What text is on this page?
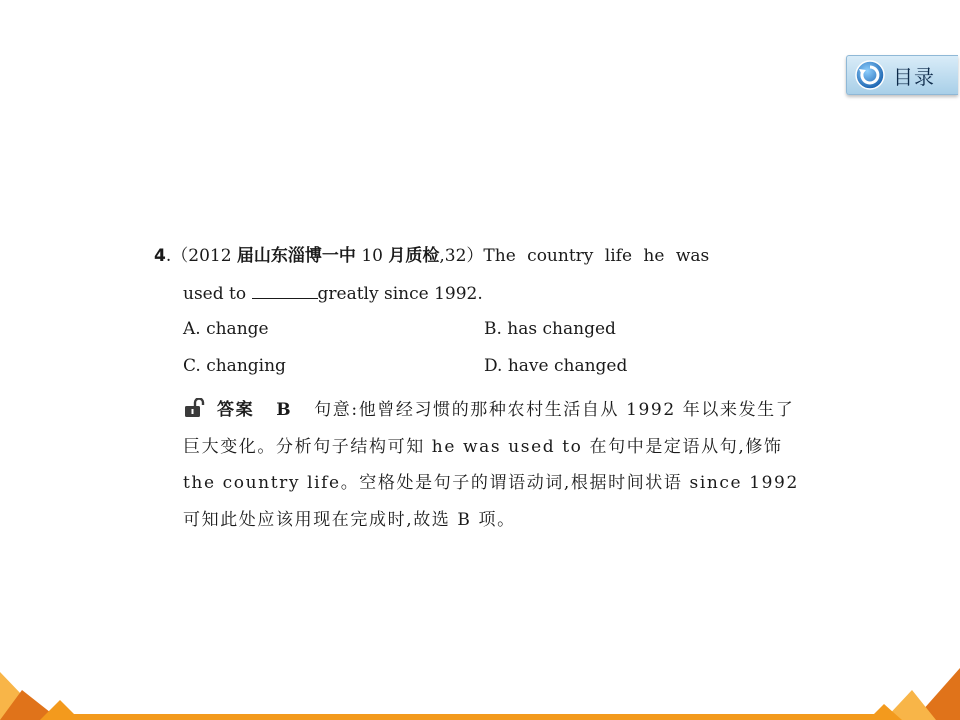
目录
4.（2012 届山东淄博一中 10 月质检,32）The country life he was
used to	greatly since 1992.
A. change	B. has changed
C. changing	D. have changed
答案 B 句意:他曾经习惯的那种农村生活自从 1992 年以来发生了巨大变化。分析句子结构可知 he was used to 在句中是定语从句,修饰 the country life。空格处是句子的谓语动词,根据时间状语 since 1992 可知此处应该用现在完成时,故选 B 项。
